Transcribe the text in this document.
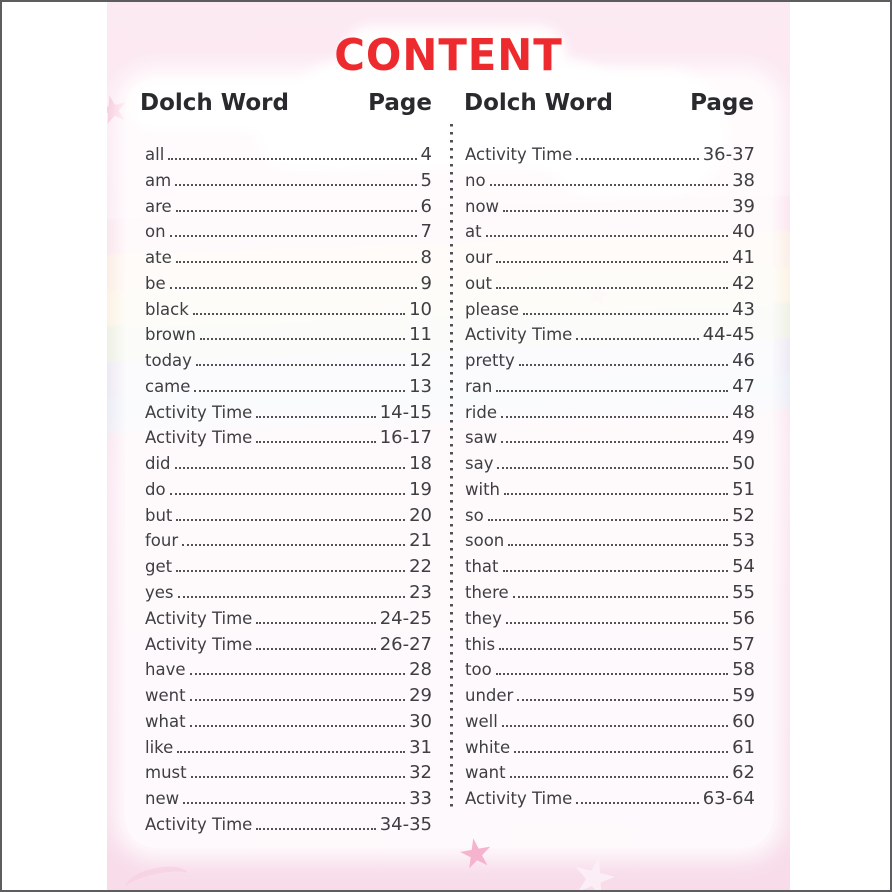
CONTENT
Dolch Word	Page Dolch Word	Page
all	4
am	5
are	6
on	7
ate	8
be	9
black	10
brown	11
today	12
came	13
Activity Time	14-15
Activity Time	16-17
did	18
do	19
but	20
four	21
get	22
yes	23
Activity Time	24-25
Activity Time	26-27
have	28
went	29
what	30
like	31
must	32
new	33
Activity Time	34-35
Activity Time	36-37
no	38
now	39
at	40
our	41
out	42
please	43
Activity Time	44-45
pretty	46
ran	47
ride	48
saw	49
say	50
with	51
so	52
soon	53
that	54
there	55
they	56
this	57
too	58
under	59
well	60
white	61
want	62
Activity Time	63-64
